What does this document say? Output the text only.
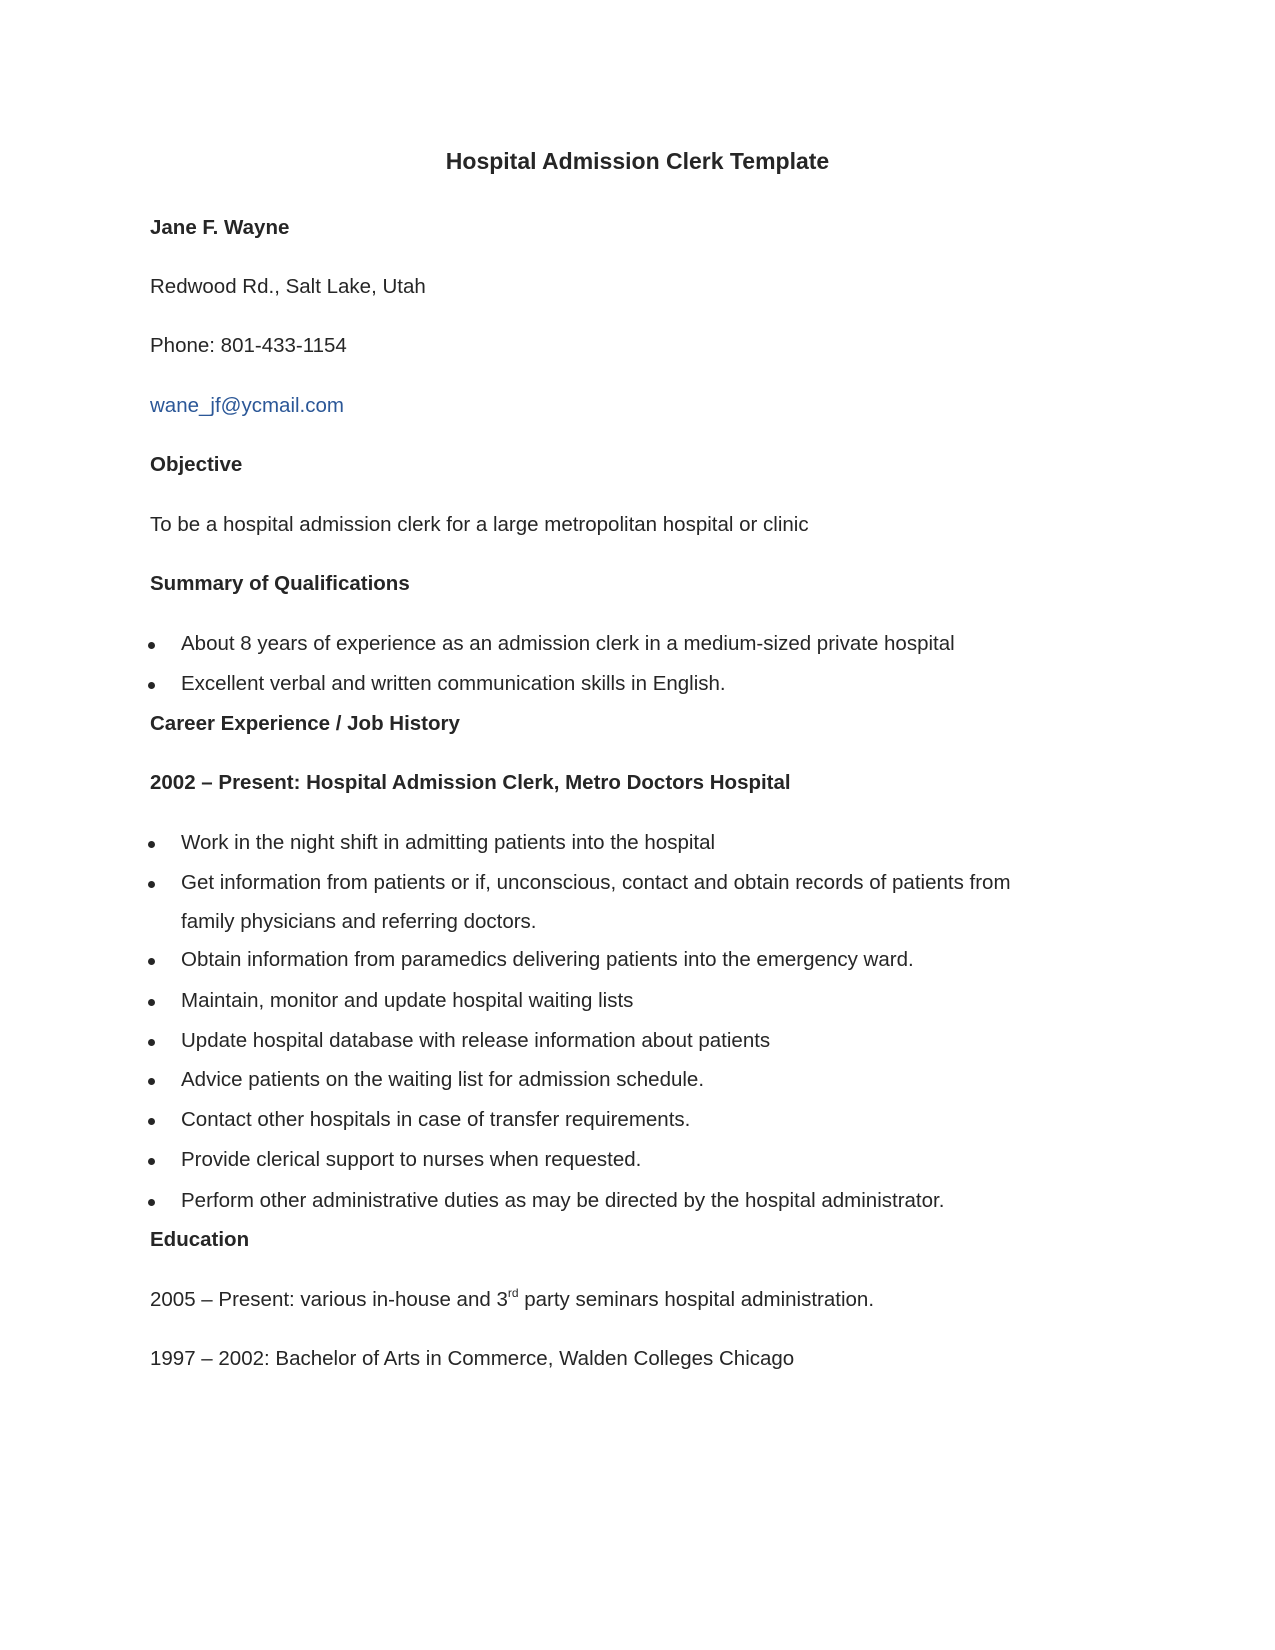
Hospital Admission Clerk Template
Jane F. Wayne
Redwood Rd., Salt Lake, Utah
Phone: 801-433-1154
wane_jf@ycmail.com
Objective
To be a hospital admission clerk for a large metropolitan hospital or clinic
Summary of Qualifications
About 8 years of experience as an admission clerk in a medium-sized private hospital
Excellent verbal and written communication skills in English.
Career Experience / Job History
2002 – Present: Hospital Admission Clerk, Metro Doctors Hospital
Work in the night shift in admitting patients into the hospital
Get information from patients or if, unconscious, contact and obtain records of patients from
family physicians and referring doctors.
Obtain information from paramedics delivering patients into the emergency ward.
Maintain, monitor and update hospital waiting lists
Update hospital database with release information about patients
Advice patients on the waiting list for admission schedule.
Contact other hospitals in case of transfer requirements.
Provide clerical support to nurses when requested.
Perform other administrative duties as may be directed by the hospital administrator.
Education
2005 – Present: various in-house and 3rd party seminars hospital administration.
1997 – 2002: Bachelor of Arts in Commerce, Walden Colleges Chicago
